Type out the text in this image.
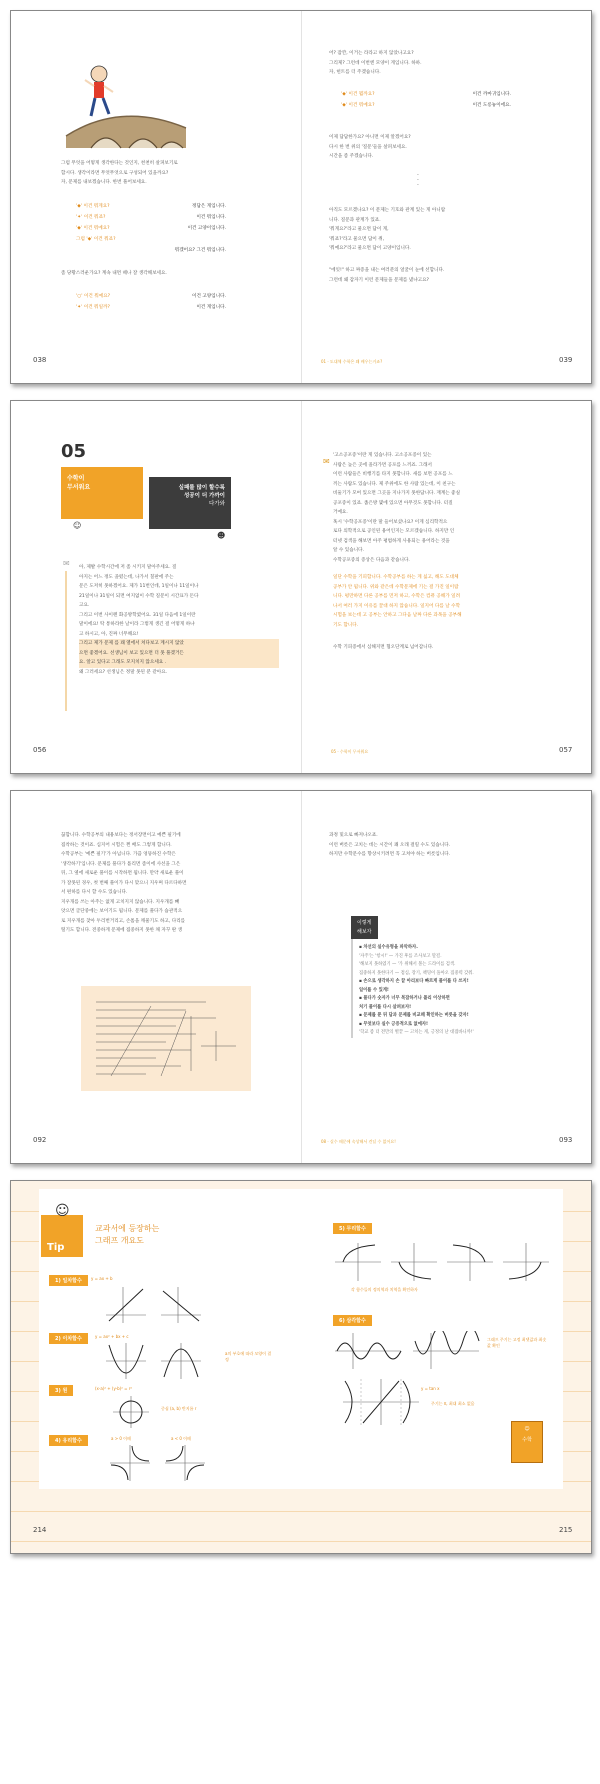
그럼 무엇을 어떻게 생각한다는 것인지, 천천히 살펴보기로

합시다. 생각이라면 무엇무엇으로 구성되어 있을까요?

자, 문제를 내보겠습니다. 한번 풀어보세요.

'◆' 이건 뭐게요?	정답은 게입니다.
'✦' 이건 뭐죠?	이건 뭐입니다.
'◆' 이건 뭐예요?	이건 고양이입니다.
그럼 '◆' 이건 뭐죠?
뭐겠어요? 그건 뭐입니다.

좀 당황스러운가요? 계속 내면 떼나 잘 생각해보세요.

'○' 이건 뭐예요?	이건 고양입니다.
'✦' 이건 뭐일까?	이건 게입니다.
038

어? 잠깐, 이거는 라라고 하지 않았나고요?

그리제? 그런데 이번엔 모양이 게입니다. 하하.

자, 헌트를 더 주겠습니다.

'◆' 이건 뭘까요?	이건 까마귀입니다.
'◆' 이건 뭐예요?	이건 도롱뇽이에요.

이제 답답한가요? 아니면 이제 알겠어요?

다시 한 번 위의 '질문'들을 살펴보세요.

시간을 좀 주겠습니다.

·
·
·

아직도 모르겠나요? 이 문제는 기호와 관계 있는 게 아니랍

니다. 질문과 관계가 있죠.

'뭐게요?'라고 물으면 답이 게,

'뭐죠?'라고 물으면 답이 쥐,

'뭐예요?'라고 물으면 답이 고양이입니다.

"에잇!" 하고 짜증을 내는 여러분의 얼굴이 눈에 선합니다.

그런데 왜 갑자기 이런 문제들을 문제를 냈냐고요?

01 · 도대체 수학은 왜 배우는거죠?	039
05
수학이
무서워요	실패를 많이 할수록
성공이 더 가까이
다가와
☺
☻
✉ 아, 제발 수학시간에 저 좀 시키지 말아주세요. 질

아지는 어느 정도 졸렸는데, 나가서 칠판에 주는

문은 도저히 못하겠어요. 제가 11번인데, 1일이나 11일이나

21일이나 31일이 되면 여지없이 수학 질문이 시간표가 돈다

고요.

그리고 이번 사이렌 화공방학였어요. 31일 다음에 1일이란

말이에요! 딱 통하라한 날이라 그렇게 생긴 걸 어떻게 하냐

고 하시고, 아, 진짜 너무해요!

그리고 제가 문제 를 꽤 열에서 쳐다보고 계시지 않았

으면 좋겠어요. 선생님이 보고 있으면 더 못 풀겠거든

요. 알고 있다고 그래도 모지치지 않으세요 .

왜 그러세요? 선생님은 정말 못된 분 같아요.

056	05 · 수학이 무서워요
✉

'고소공포증'이란 게 있습니다. 고소공포증이 있는

사람은 높은 곳에 올라가면 공포를 느끼죠. 그래서

이런 사람들은 비행기를 타지 못합니다. 새를 보면 공포를 느

끼는 사람도 있습니다. 제 주위에도 한 사람 있는데, 이 친구는

비둘기가 모여 있으면 그곳을 지나가지 못한답니다. 재계는 좋실

공포증이 있죠. 좁은방 몇에 있으면 아무것도 못합니다. 터질

거예요.

혹시 '수학공포증'이란 말 들어보셨나요? 이게 심리학적으

로다 의학적으로 공인된 용어인지는 모르겠습니다. 하지만 인

터넷 검색을 해보면 아주 평범하게 사용되는 용어라는 것을

알 수 있습니다.

수학공포증의 증상은 다음과 같습니다.

일단 수학을 기피합니다. 수학공부를 하는 게 싫고, 해도 도대체

공부가 안 됩니다. 위와 같은데 수학문제에 기는 걸 가진 일이랍

니다. 평만하면 다른 공부를 먼저 하고, 수학은 컴퓨 공해가 일려

나서 여러 가지 이유를 끌대 하지 않습니다. 일지어 다를 날 수학

시험을 보는데 고 공부는 안하고 그다음 날짜 다른 과목을 공부해

기도 합니다.

수학 기피증에서 심해지면 혐오단계로 넘어갑니다.

057

끊합니다. 수학공부의 내용보다는 정서장면이고 예쁜 필기에

집착하는 것이죠. 심지어 시험은 쩐 배도 그렇게 합니다.

수학공부는 '예쁜 필기'가 아닙니다. 가끔 엉뚱하진 수학은

'생각하기'입니다. 문제를 풀다가 틀리면 좀이에 사선을 그은

뒤, 그 옆에 새로운 풀이를 시작하면 됩니다. 만약 새로운 풀이

가 잘못된 경우, 첫 번째 풀이가 다시 맞으니 지우며 다르다하면

서 편하를 다시 할 수도 있습니다.

지우개를 쓰는 아주는 없게 고치지지 않습니다. 지우개를 빼

앗으면 글단중에는 보이기도 됩니다. 문제를 풀다가 습관적으

로 지우개를 찾아 두리번거리고, 손톱을 깨물기도 하고, 다리를

떨기도 합니다. 전중하게 문제에 집중하지 못한 채 자꾸 딴 생

092

과정 및으로 빠져나오죠.

이런 버릇은 고치는 데는 시간이 꽤 오래 걸릴 수도 있습니다.

하지만 수학문수를 향상시키려면 꼭 고쳐야 하는 버릇입니다.

이렇게
해보자
▪ 차선의 실수유형을 파악하자.
'자주'는 '항시!' — 가진 후를 조사보고 말걸.
'해보지 못하였기 — '가 위해서 볼는 드라이를 검색.
집중하지 못한다기 — 점심, 장기, 책밍이 돌아오 집중력 갖춰.
▪ 손으로 생각하지 손 끝 아리보다 빠르게 풀이를 다 쓰지!
일이를 수 있게!
▪ 풀다가 숫자가 너무 복잡하거나 틀리 이상하면
처기 풀이를 다시 살펴보자!
▪ 문제를 푼 뒤 답과 문제를 비교해 확인하는 버릇을 갖자!
▪ 무엇보다 실수 긍증적으로 없애자!
'학교 좀 더 전만의 별끝 — 고치는 게, 긍정의 난 대접바니까!'
08 · 실수 때문에 속상해서 견딜 수 없어요!	093
Tip
☺
교과서에 등장하는
그래프 개요도
1) 일차함수	y = ax + b
2) 이차함수	y = ax² + bx + c
a의 부호에 따라 모양이 결정
3) 원	(x-a)² + (y-b)² = r²
중심 (a, b) 반지름 r
4) 유리함수	a > 0 이때	a < 0 이때
5) 무리함수
각 함수들의 정의역과 치역을 확인하자
6) 삼각함수
그래프 주기는 고정 최댓값과 최솟값 확인
y = tan x
주기는 π, 최대 최소 없음
☺
수학
214	215
